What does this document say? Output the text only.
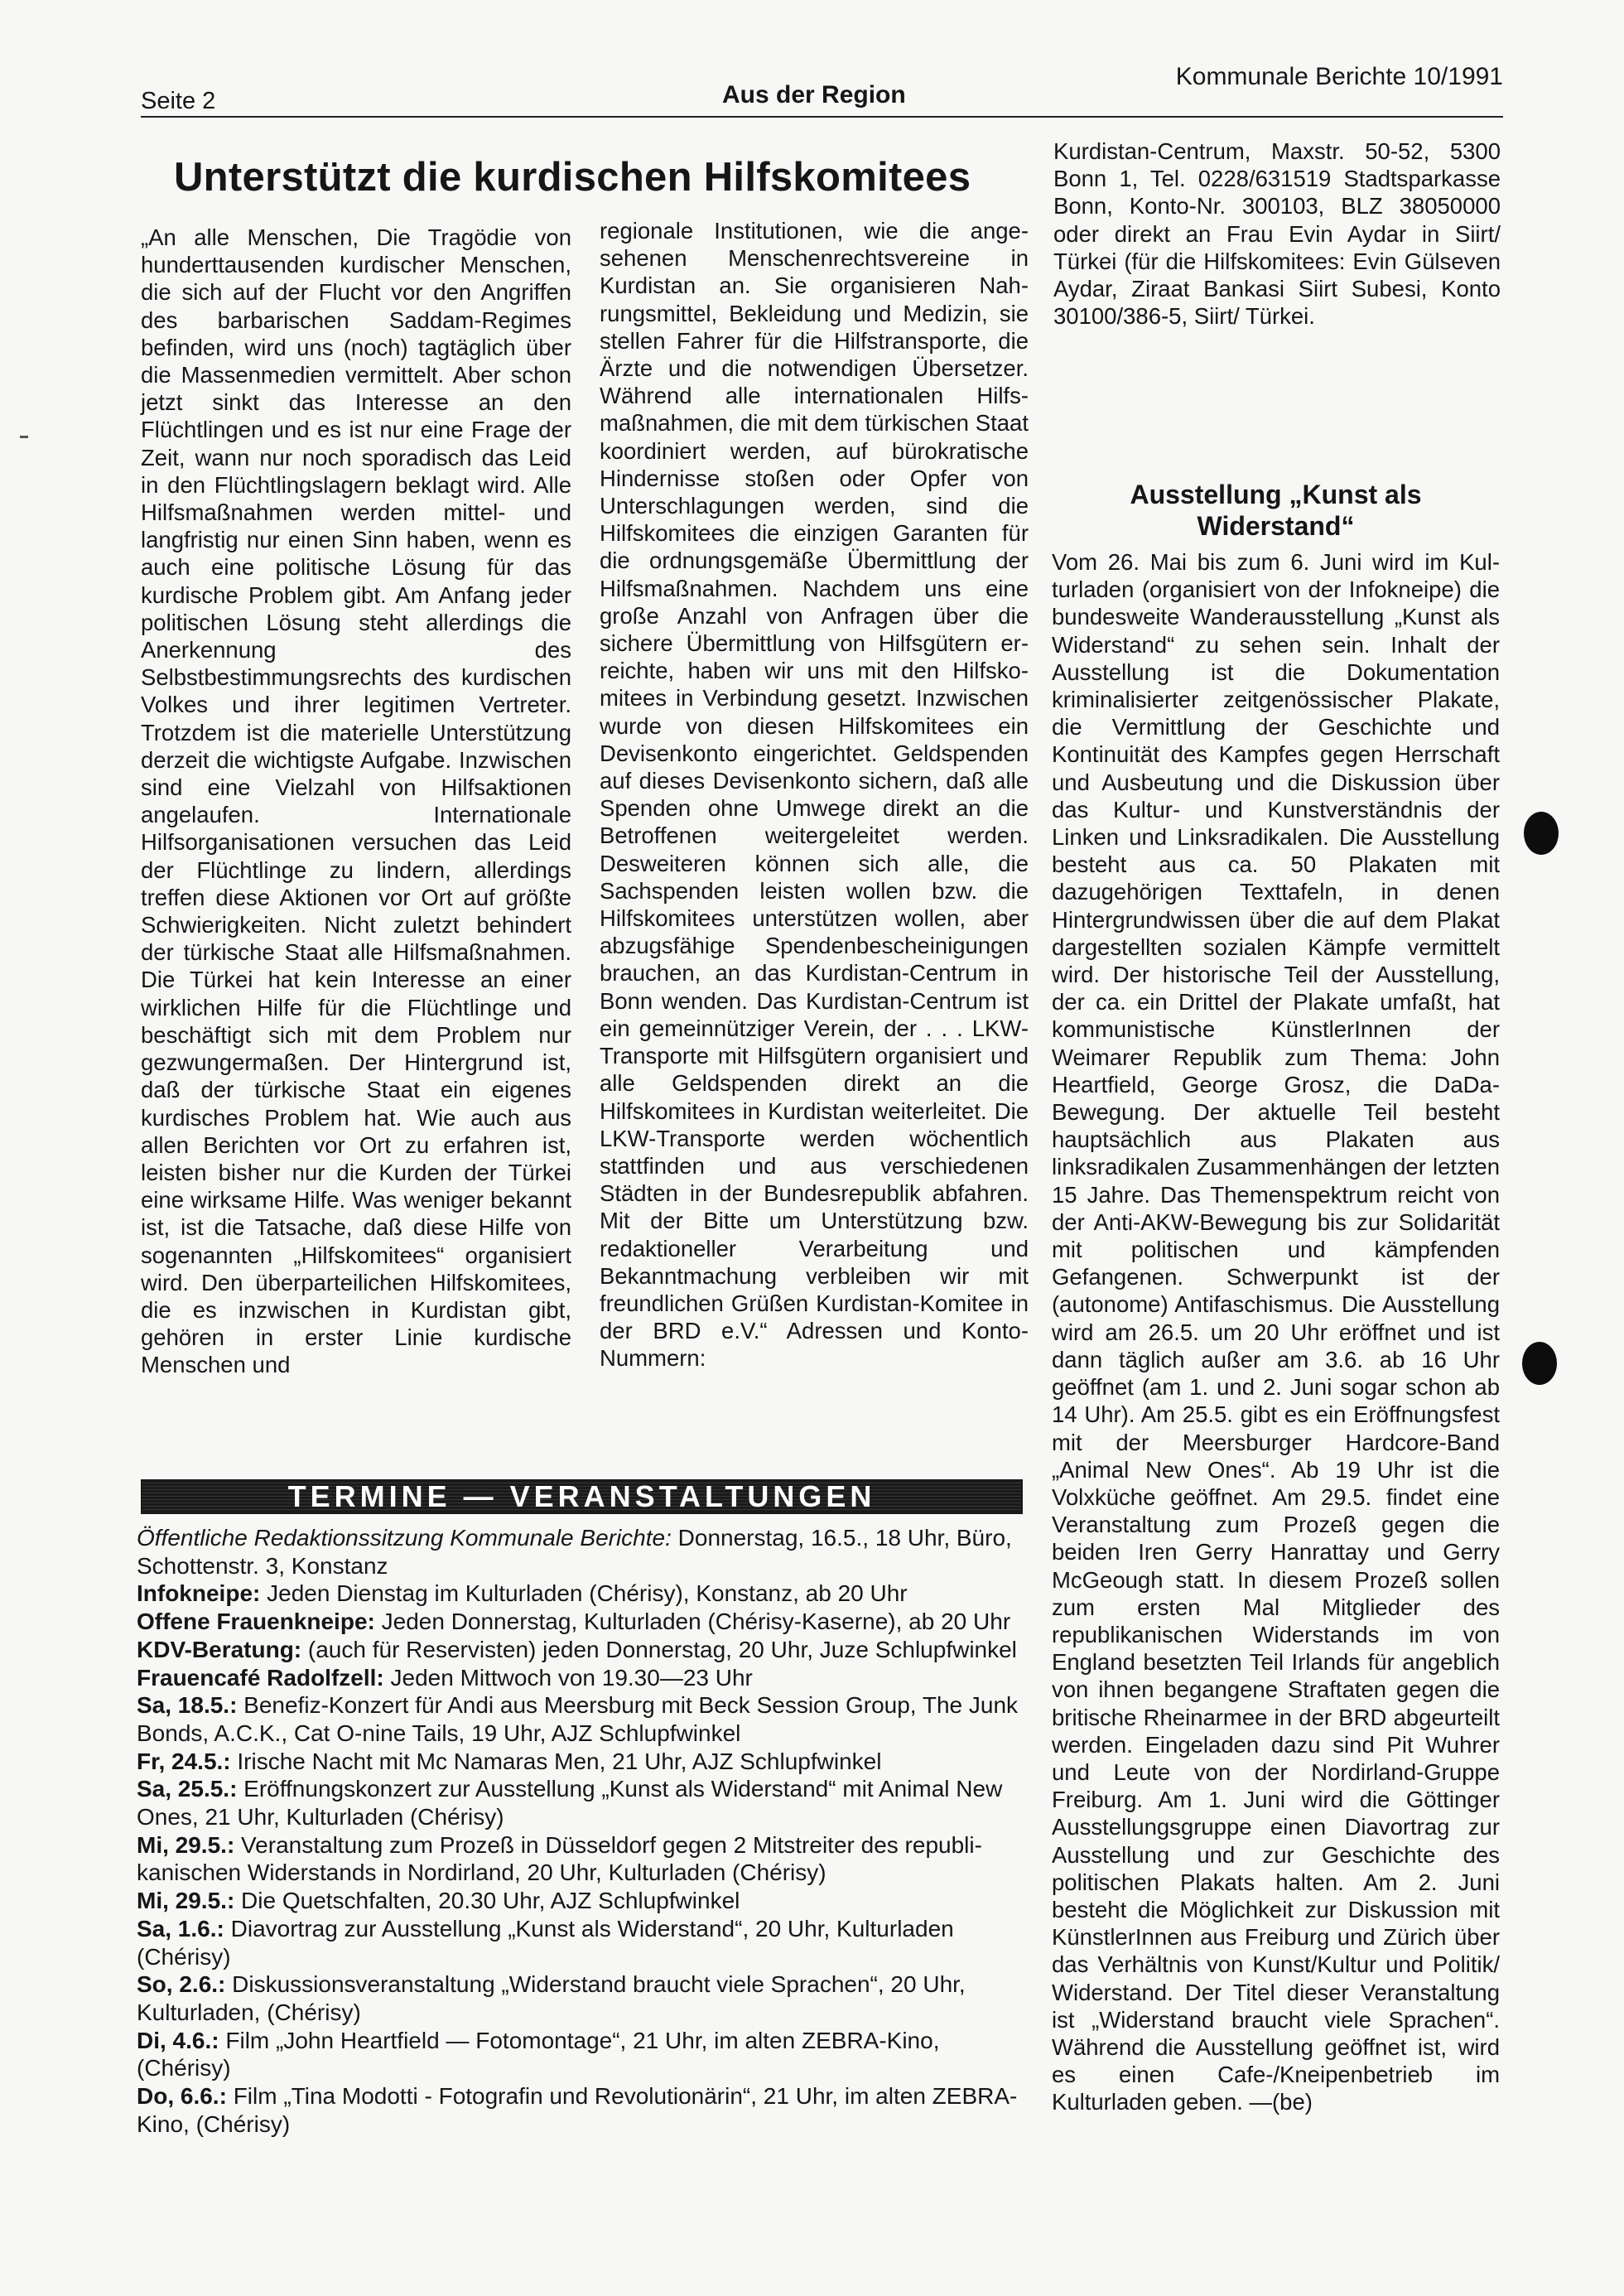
Seite 2	Aus der Region
Kommunale Berichte 10/1991
Unterstützt die kurdischen Hilfskomitees

„An alle Menschen, Die Tragödie von hunderttausenden kurdischer Menschen, die sich auf der Flucht vor den Angriffen des barbarischen Saddam-Regimes befinden, wird uns (noch) tagtäglich über die Massenmedien vermittelt. Aber schon jetzt sinkt das Interesse an den Flüchtlingen und es ist nur eine Frage der Zeit, wann nur noch sporadisch das Leid in den Flüchtlingslagern beklagt wird. Alle Hilfsmaßnahmen werden mittel- und langfristig nur einen Sinn haben, wenn es auch eine politische Lösung für das kurdische Problem gibt. Am Anfang jeder politischen Lösung steht allerdings die Anerkennung des Selbstbestimmungsrechts des kurdischen Volkes und ihrer legitimen Vertreter. Trotzdem ist die materielle Unterstützung derzeit die wichtigste Aufgabe. Inzwischen sind eine Vielzahl von Hilfsaktionen angelaufen. Internationale Hilfsorganisationen versuchen das Leid der Flüchtlinge zu lindern, allerdings treffen diese Aktionen vor Ort auf größte Schwierigkeiten. Nicht zuletzt behindert der türkische Staat alle Hilfsmaßnahmen. Die Türkei hat kein Interesse an einer wirklichen Hilfe für die Flüchtlinge und beschäftigt sich mit dem Problem nur gezwungermaßen. Der Hintergrund ist, daß der türkische Staat ein eigenes kurdisches Problem hat. Wie auch aus allen Berichten vor Ort zu erfahren ist, leisten bisher nur die Kurden der Türkei eine wirksame Hilfe. Was weniger bekannt ist, ist die Tatsache, daß diese Hilfe von sogenannten „Hilfskomitees“ organisiert wird. Den überparteilichen Hilfskomitees, die es inzwischen in Kurdistan gibt, gehören in erster Linie kurdische Menschen und

regionale Institutionen, wie die angesehenen Menschenrechtsvereine in Kurdistan an. Sie organisieren Nahrungsmittel, Bekleidung und Medizin, sie stellen Fahrer für die Hilfstransporte, die Ärzte und die notwendigen Übersetzer. Während alle internationalen Hilfsmaßnahmen, die mit dem türkischen Staat koordiniert werden, auf bürokratische Hindernisse stoßen oder Opfer von Unterschlagungen werden, sind die Hilfskomitees die einzigen Garanten für die ordnungsgemäße Übermittlung der Hilfsmaßnahmen. Nachdem uns eine große Anzahl von Anfragen über die sichere Übermittlung von Hilfsgütern erreichte, haben wir uns mit den Hilfskomitees in Verbindung gesetzt. Inzwischen wurde von diesen Hilfskomitees ein Devisenkonto eingerichtet. Geldspenden auf dieses Devisenkonto sichern, daß alle Spenden ohne Umwege direkt an die Betroffenen weitergeleitet werden. Desweiteren können sich alle, die Sachspenden leisten wollen bzw. die Hilfskomitees unterstützen wollen, aber abzugsfähige Spendenbescheinigungen brauchen, an das Kurdistan-Centrum in Bonn wenden. Das Kurdistan-Centrum ist ein gemeinnütziger Verein, der . . . LKW-Transporte mit Hilfsgütern organisiert und alle Geldspenden direkt an die Hilfskomitees in Kurdistan weiterleitet. Die LKW-Transporte werden wöchentlich stattfinden und aus verschiedenen Städten in der Bundesrepublik abfahren. Mit der Bitte um Unterstützung bzw. redaktioneller Verarbeitung und Bekanntmachung verbleiben wir mit freundlichen Grüßen Kurdistan-Komitee in der BRD e.V.“ Adressen und Konto-Nummern:

Kurdistan-Centrum, Maxstr. 50-52, 5300 Bonn 1, Tel. 0228/631519 Stadtsparkasse Bonn, Konto-Nr. 300103, BLZ 38050000 oder direkt an Frau Evin Aydar in Siirt/ Türkei (für die Hilfskomitees: Evin Gülseven Aydar, Ziraat Bankasi Siirt Subesi, Konto 30100/386-5, Siirt/ Türkei.

Ausstellung „Kunst als Widerstand“

Vom 26. Mai bis zum 6. Juni wird im Kulturladen (organisiert von der Infokneipe) die bundesweite Wanderausstellung „Kunst als Widerstand“ zu sehen sein. Inhalt der Ausstellung ist die Dokumentation kriminalisierter zeitgenössischer Plakate, die Vermittlung der Geschichte und Kontinuität des Kampfes gegen Herrschaft und Ausbeutung und die Diskussion über das Kultur- und Kunstverständnis der Linken und Linksradikalen. Die Ausstellung besteht aus ca. 50 Plakaten mit dazugehörigen Texttafeln, in denen Hintergrundwissen über die auf dem Plakat dargestellten sozialen Kämpfe vermittelt wird. Der historische Teil der Ausstellung, der ca. ein Drittel der Plakate umfaßt, hat kommunistische KünstlerInnen der Weimarer Republik zum Thema: John Heartfield, George Grosz, die DaDa-Bewegung. Der aktuelle Teil besteht hauptsächlich aus Plakaten aus linksradikalen Zusammenhängen der letzten 15 Jahre. Das Themenspektrum reicht von der Anti-AKW-Bewegung bis zur Solidarität mit politischen und kämpfenden Gefangenen. Schwerpunkt ist der (autonome) Antifaschismus. Die Ausstellung wird am 26.5. um 20 Uhr eröffnet und ist dann täglich außer am 3.6. ab 16 Uhr geöffnet (am 1. und 2. Juni sogar schon ab 14 Uhr). Am 25.5. gibt es ein Eröffnungsfest mit der Meersburger Hardcore-Band „Animal New Ones“. Ab 19 Uhr ist die Volxküche geöffnet. Am 29.5. findet eine Veranstaltung zum Prozeß gegen die beiden Iren Gerry Hanrattay und Gerry McGeough statt. In diesem Prozeß sollen zum ersten Mal Mitglieder des republikanischen Widerstands im von England besetzten Teil Irlands für angeblich von ihnen begangene Straftaten gegen die britische Rheinarmee in der BRD abgeurteilt werden. Eingeladen dazu sind Pit Wuhrer und Leute von der Nordirland-Gruppe Freiburg. Am 1. Juni wird die Göttinger Ausstellungsgruppe einen Diavortrag zur Ausstellung und zur Geschichte des politischen Plakats halten. Am 2. Juni besteht die Möglichkeit zur Diskussion mit KünstlerInnen aus Freiburg und Zürich über das Verhältnis von Kunst/Kultur und Politik/ Widerstand. Der Titel dieser Veranstaltung ist „Widerstand braucht viele Sprachen“. Während die Ausstellung geöffnet ist, wird es einen Cafe-/Kneipenbetrieb im Kulturladen geben. —(be)

TERMINE — VERANSTALTUNGEN

Öffentliche Redaktionssitzung Kommunale Berichte: Donnerstag, 16.5., 18 Uhr, Büro, Schottenstr. 3, Konstanz

Infokneipe: Jeden Dienstag im Kulturladen (Chérisy), Konstanz, ab 20 Uhr

Offene Frauenkneipe: Jeden Donnerstag, Kulturladen (Chérisy-Kaserne), ab 20 Uhr

KDV-Beratung: (auch für Reservisten) jeden Donnerstag, 20 Uhr, Juze Schlupfwinkel

Frauencafé Radolfzell: Jeden Mittwoch von 19.30—23 Uhr

Sa, 18.5.: Benefiz-Konzert für Andi aus Meersburg mit Beck Session Group, The Junk Bonds, A.C.K., Cat O-nine Tails, 19 Uhr, AJZ Schlupfwinkel

Fr, 24.5.: Irische Nacht mit Mc Namaras Men, 21 Uhr, AJZ Schlupfwinkel

Sa, 25.5.: Eröffnungskonzert zur Ausstellung „Kunst als Widerstand“ mit Animal New Ones, 21 Uhr, Kulturladen (Chérisy)

Mi, 29.5.: Veranstaltung zum Prozeß in Düsseldorf gegen 2 Mitstreiter des republikanischen Widerstands in Nordirland, 20 Uhr, Kulturladen (Chérisy)

Mi, 29.5.: Die Quetschfalten, 20.30 Uhr, AJZ Schlupfwinkel

Sa, 1.6.: Diavortrag zur Ausstellung „Kunst als Widerstand“, 20 Uhr, Kulturladen (Chérisy)

So, 2.6.: Diskussionsveranstaltung „Widerstand braucht viele Sprachen“, 20 Uhr, Kulturladen, (Chérisy)

Di, 4.6.: Film „John Heartfield — Fotomontage“, 21 Uhr, im alten ZEBRA-Kino, (Chérisy)

Do, 6.6.: Film „Tina Modotti - Fotografin und Revolutionärin“, 21 Uhr, im alten ZEBRA-Kino, (Chérisy)
